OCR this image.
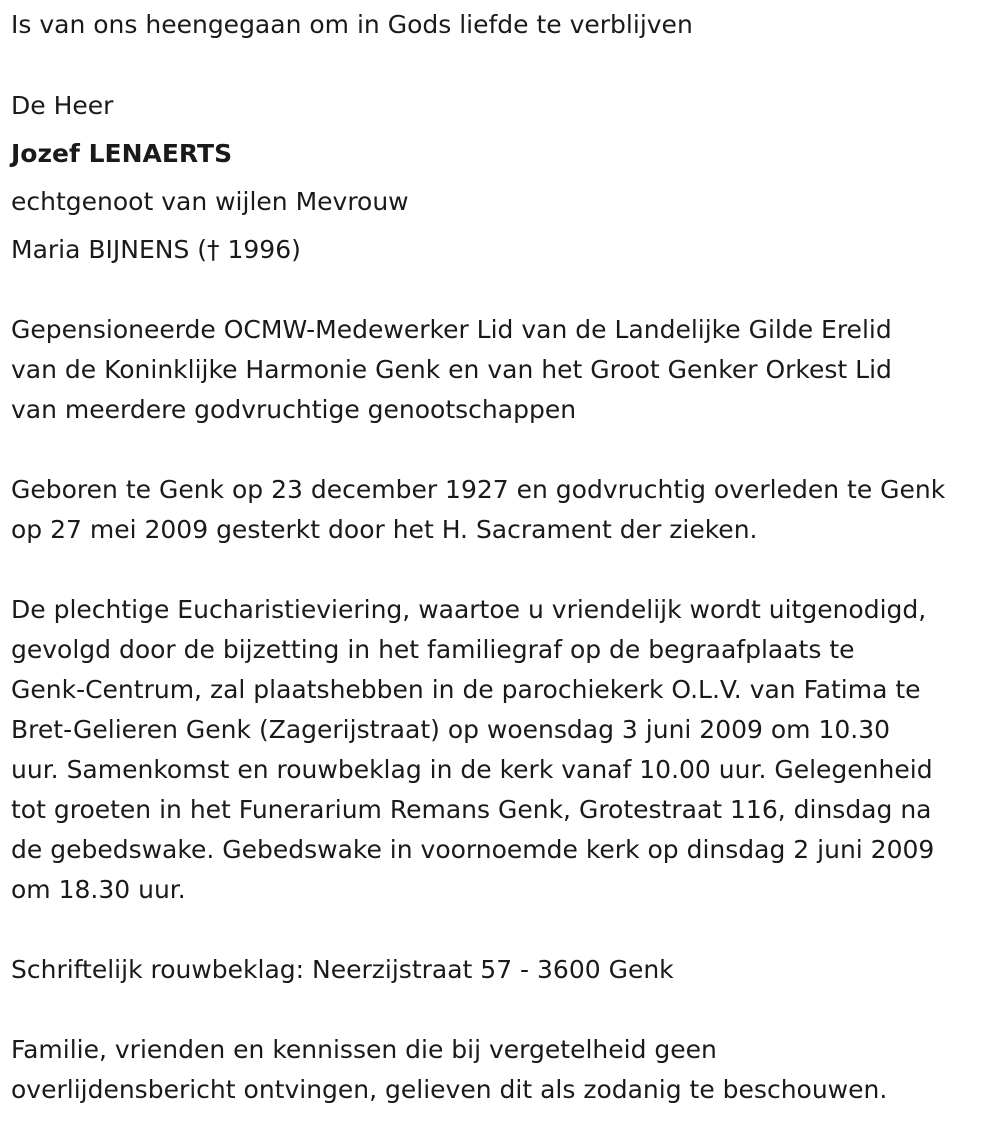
Is van ons heengegaan om in Gods liefde te verblijven

De Heer

Jozef LENAERTS

echtgenoot van wijlen Mevrouw

Maria BIJNENS († 1996)

Gepensioneerde OCMW-Medewerker Lid van de Landelijke Gilde Erelid

van de Koninklijke Harmonie Genk en van het Groot Genker Orkest Lid

van meerdere godvruchtige genootschappen

Geboren te Genk op 23 december 1927 en godvruchtig overleden te Genk

op 27 mei 2009 gesterkt door het H. Sacrament der zieken.

De plechtige Eucharistieviering, waartoe u vriendelijk wordt uitgenodigd,

gevolgd door de bijzetting in het familiegraf op de begraafplaats te

Genk-Centrum, zal plaatshebben in de parochiekerk O.L.V. van Fatima te

Bret-Gelieren Genk (Zagerijstraat) op woensdag 3 juni 2009 om 10.30

uur. Samenkomst en rouwbeklag in de kerk vanaf 10.00 uur. Gelegenheid

tot groeten in het Funerarium Remans Genk, Grotestraat 116, dinsdag na

de gebedswake. Gebedswake in voornoemde kerk op dinsdag 2 juni 2009

om 18.30 uur.

Schriftelijk rouwbeklag: Neerzijstraat 57 - 3600 Genk

Familie, vrienden en kennissen die bij vergetelheid geen

overlijdensbericht ontvingen, gelieven dit als zodanig te beschouwen.
